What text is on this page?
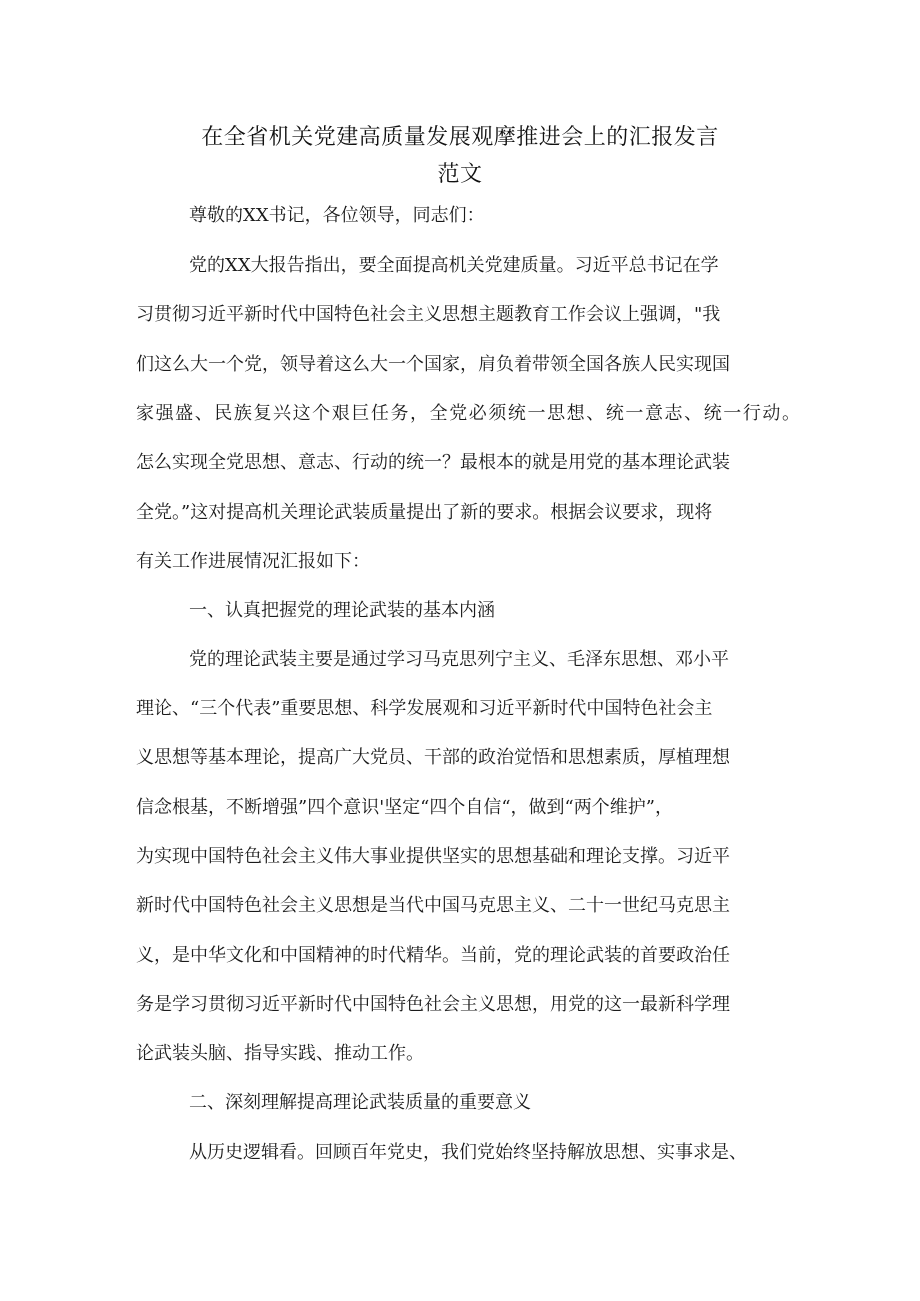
在全省机关党建高质量发展观摩推进会上的汇报发言
范文
尊敬的XX书记，各位领导，同志们：
党的XX大报告指出，要全面提高机关党建质量。习近平总书记在学
习贯彻习近平新时代中国特色社会主义思想主题教育工作会议上强调，"我
们这么大一个党，领导着这么大一个国家，肩负着带领全国各族人民实现国
家强盛、民族复兴这个艰巨任务，全党必须统一思想、统一意志、统一行动。
怎么实现全党思想、意志、行动的统一？最根本的就是用党的基本理论武装
全党。”这对提高机关理论武装质量提出了新的要求。根据会议要求，现将
有关工作进展情况汇报如下：
一、认真把握党的理论武装的基本内涵
党的理论武装主要是通过学习马克思列宁主义、毛泽东思想、邓小平
理论、“三个代表”重要思想、科学发展观和习近平新时代中国特色社会主
义思想等基本理论，提高广大党员、干部的政治觉悟和思想素质，厚植理想
信念根基，不断增强”四个意识'坚定“四个自信“，做到“两个维护”，
为实现中国特色社会主义伟大事业提供坚实的思想基础和理论支撑。习近平
新时代中国特色社会主义思想是当代中国马克思主义、二十一世纪马克思主
义，是中华文化和中国精神的时代精华。当前，党的理论武装的首要政治任
务是学习贯彻习近平新时代中国特色社会主义思想，用党的这一最新科学理
论武装头脑、指导实践、推动工作。
二、深刻理解提高理论武装质量的重要意义
从历史逻辑看。回顾百年党史，我们党始终坚持解放思想、实事求是、
